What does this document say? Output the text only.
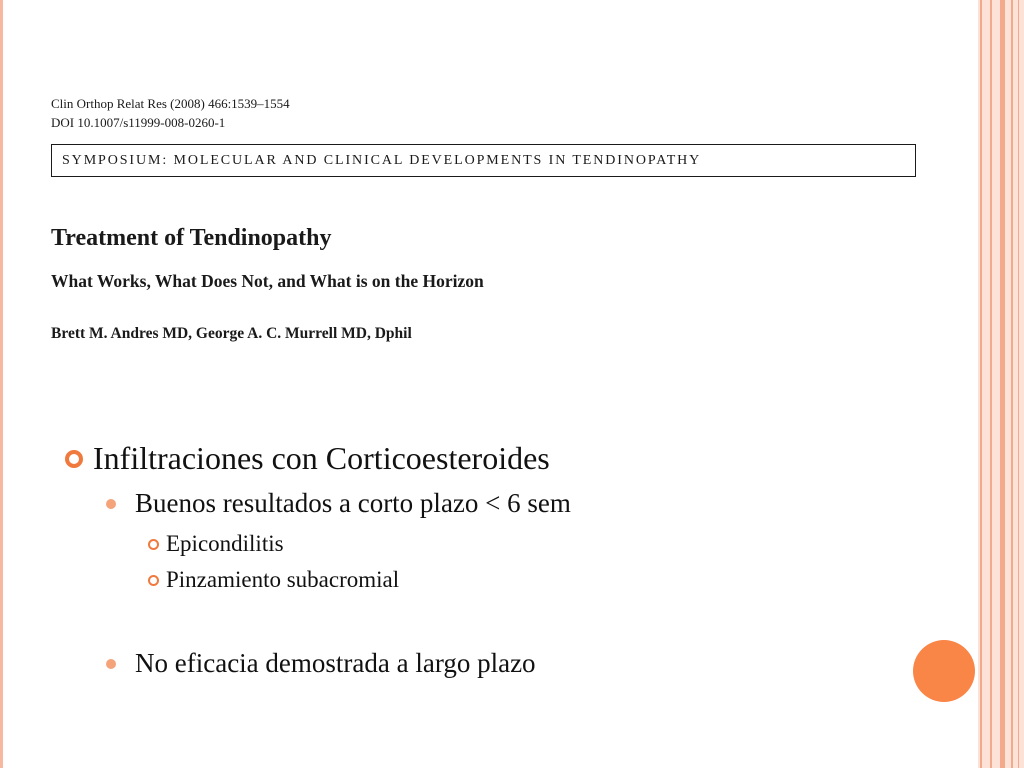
Clin Orthop Relat Res (2008) 466:1539–1554
DOI 10.1007/s11999-008-0260-1
SYMPOSIUM: MOLECULAR AND CLINICAL DEVELOPMENTS IN TENDINOPATHY
Treatment of Tendinopathy
What Works, What Does Not, and What is on the Horizon
Brett M. Andres MD, George A. C. Murrell MD, Dphil
Infiltraciones con Corticoesteroides
Buenos resultados a corto plazo < 6 sem
Epicondilitis
Pinzamiento subacromial
No eficacia demostrada a largo plazo
